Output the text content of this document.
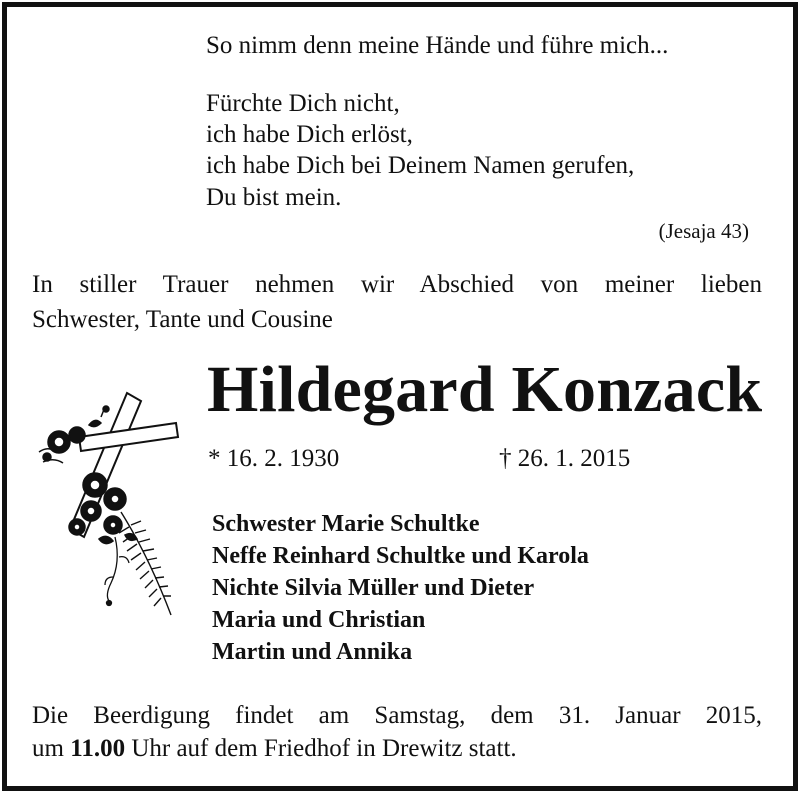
So nimm denn meine Hände und führe mich...
Fürchte Dich nicht,
ich habe Dich erlöst,
ich habe Dich bei Deinem Namen gerufen,
Du bist mein.
(Jesaja 43)
In stiller Trauer nehmen wir Abschied von meiner lieben
Schwester, Tante und Cousine
Hildegard Konzack
* 16. 2. 1930	† 26. 1. 2015
Schwester Marie Schultke
Neffe Reinhard Schultke und Karola
Nichte Silvia Müller und Dieter
Maria und Christian
Martin und Annika
Die Beerdigung findet am Samstag, dem 31. Januar 2015,
um 11.00 Uhr auf dem Friedhof in Drewitz statt.
